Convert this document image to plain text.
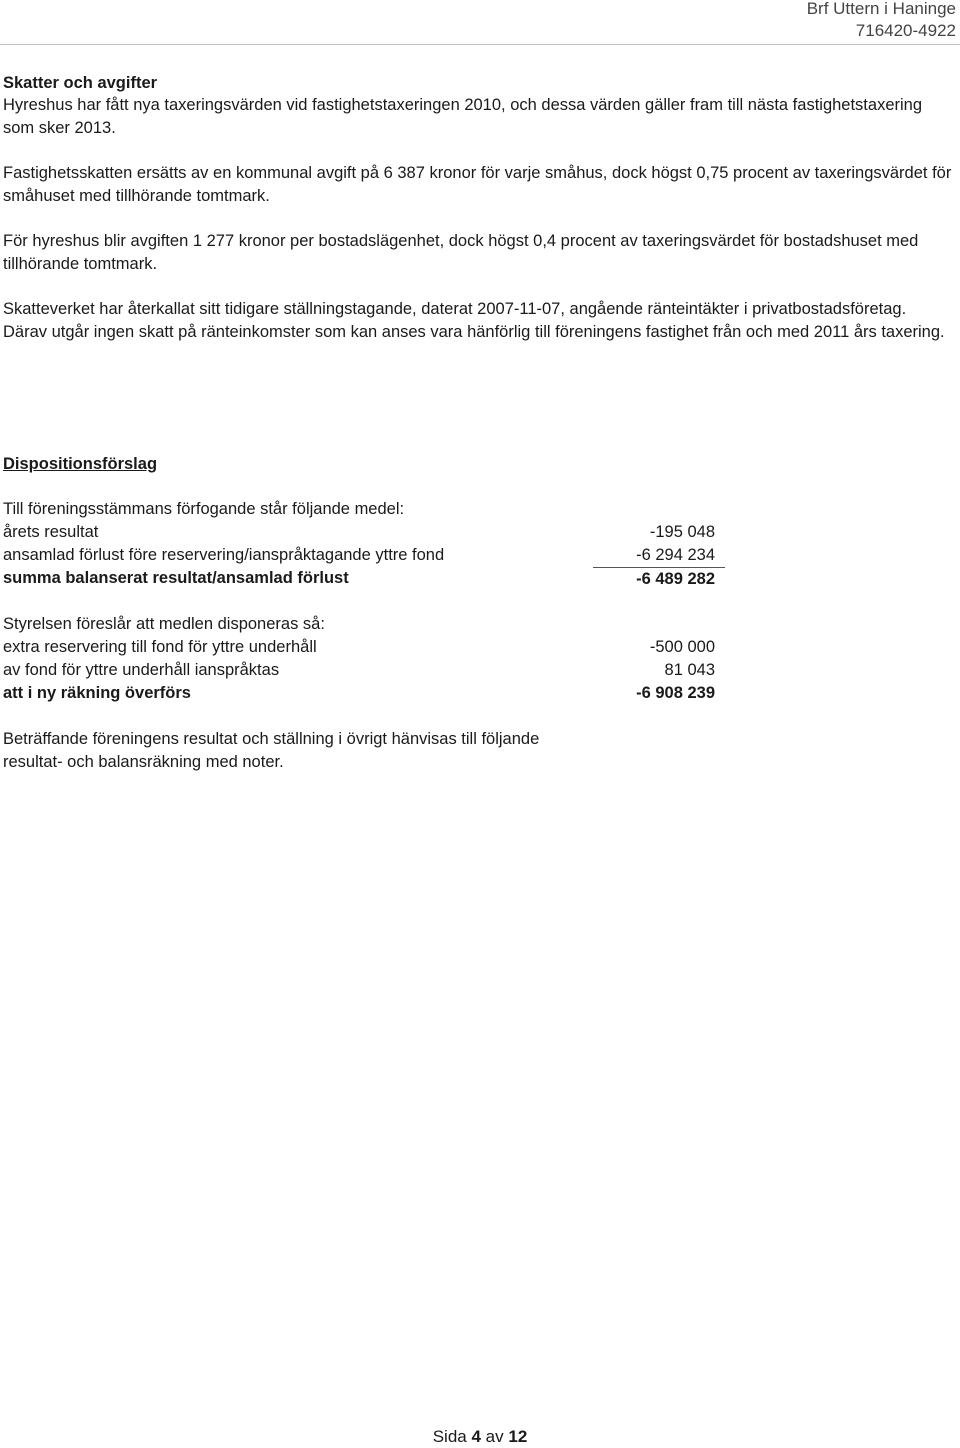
Brf Uttern i Haninge
716420-4922

Skatter och avgifter

Hyreshus har fått nya taxeringsvärden vid fastighetstaxeringen 2010, och dessa värden gäller fram till nästa fastighetstaxering som sker 2013.

Fastighetsskatten ersätts av en kommunal avgift på 6 387 kronor för varje småhus, dock högst 0,75 procent av taxeringsvärdet för småhuset med tillhörande tomtmark.

För hyreshus blir avgiften 1 277 kronor per bostadslägenhet, dock högst 0,4 procent av taxeringsvärdet för bostadshuset med tillhörande tomtmark.

Skatteverket har återkallat sitt tidigare ställningstagande, daterat 2007-11-07, angående ränteintäkter i privatbostadsföretag. Därav utgår ingen skatt på ränteinkomster som kan anses vara hänförlig till föreningens fastighet från och med 2011 års taxering.

Dispositionsförslag
Till föreningsstämmans förfogande står följande medel:
årets resultat	-195 048
ansamlad förlust före reservering/ianspråktagande yttre fond	-6 294 234
summa balanserat resultat/ansamlad förlust	-6 489 282
Styrelsen föreslår att medlen disponeras så:
extra reservering till fond för yttre underhåll	-500 000
av fond för yttre underhåll ianspråktas	81 043
att i ny räkning överförs	-6 908 239
Beträffande föreningens resultat och ställning i övrigt hänvisas till följande resultat- och balansräkning med noter.
Sida 4 av 12
